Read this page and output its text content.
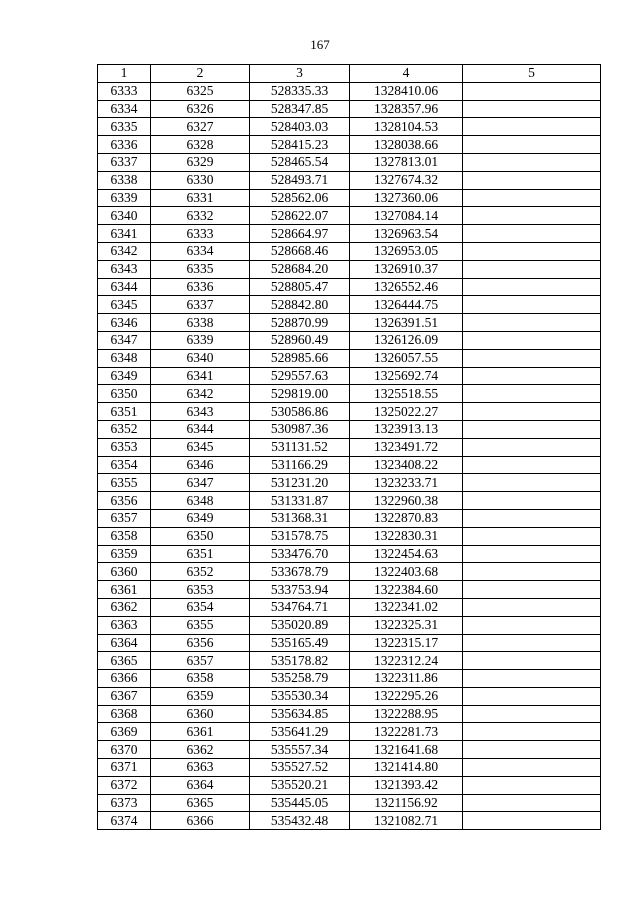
167
1	2	3	4	5
6333	6325	528335.33	1328410.06	
6334	6326	528347.85	1328357.96	
6335	6327	528403.03	1328104.53	
6336	6328	528415.23	1328038.66	
6337	6329	528465.54	1327813.01	
6338	6330	528493.71	1327674.32	
6339	6331	528562.06	1327360.06	
6340	6332	528622.07	1327084.14	
6341	6333	528664.97	1326963.54	
6342	6334	528668.46	1326953.05	
6343	6335	528684.20	1326910.37	
6344	6336	528805.47	1326552.46	
6345	6337	528842.80	1326444.75	
6346	6338	528870.99	1326391.51	
6347	6339	528960.49	1326126.09	
6348	6340	528985.66	1326057.55	
6349	6341	529557.63	1325692.74	
6350	6342	529819.00	1325518.55	
6351	6343	530586.86	1325022.27	
6352	6344	530987.36	1323913.13	
6353	6345	531131.52	1323491.72	
6354	6346	531166.29	1323408.22	
6355	6347	531231.20	1323233.71	
6356	6348	531331.87	1322960.38	
6357	6349	531368.31	1322870.83	
6358	6350	531578.75	1322830.31	
6359	6351	533476.70	1322454.63	
6360	6352	533678.79	1322403.68	
6361	6353	533753.94	1322384.60	
6362	6354	534764.71	1322341.02	
6363	6355	535020.89	1322325.31	
6364	6356	535165.49	1322315.17	
6365	6357	535178.82	1322312.24	
6366	6358	535258.79	1322311.86	
6367	6359	535530.34	1322295.26	
6368	6360	535634.85	1322288.95	
6369	6361	535641.29	1322281.73	
6370	6362	535557.34	1321641.68	
6371	6363	535527.52	1321414.80	
6372	6364	535520.21	1321393.42	
6373	6365	535445.05	1321156.92	
6374	6366	535432.48	1321082.71	
